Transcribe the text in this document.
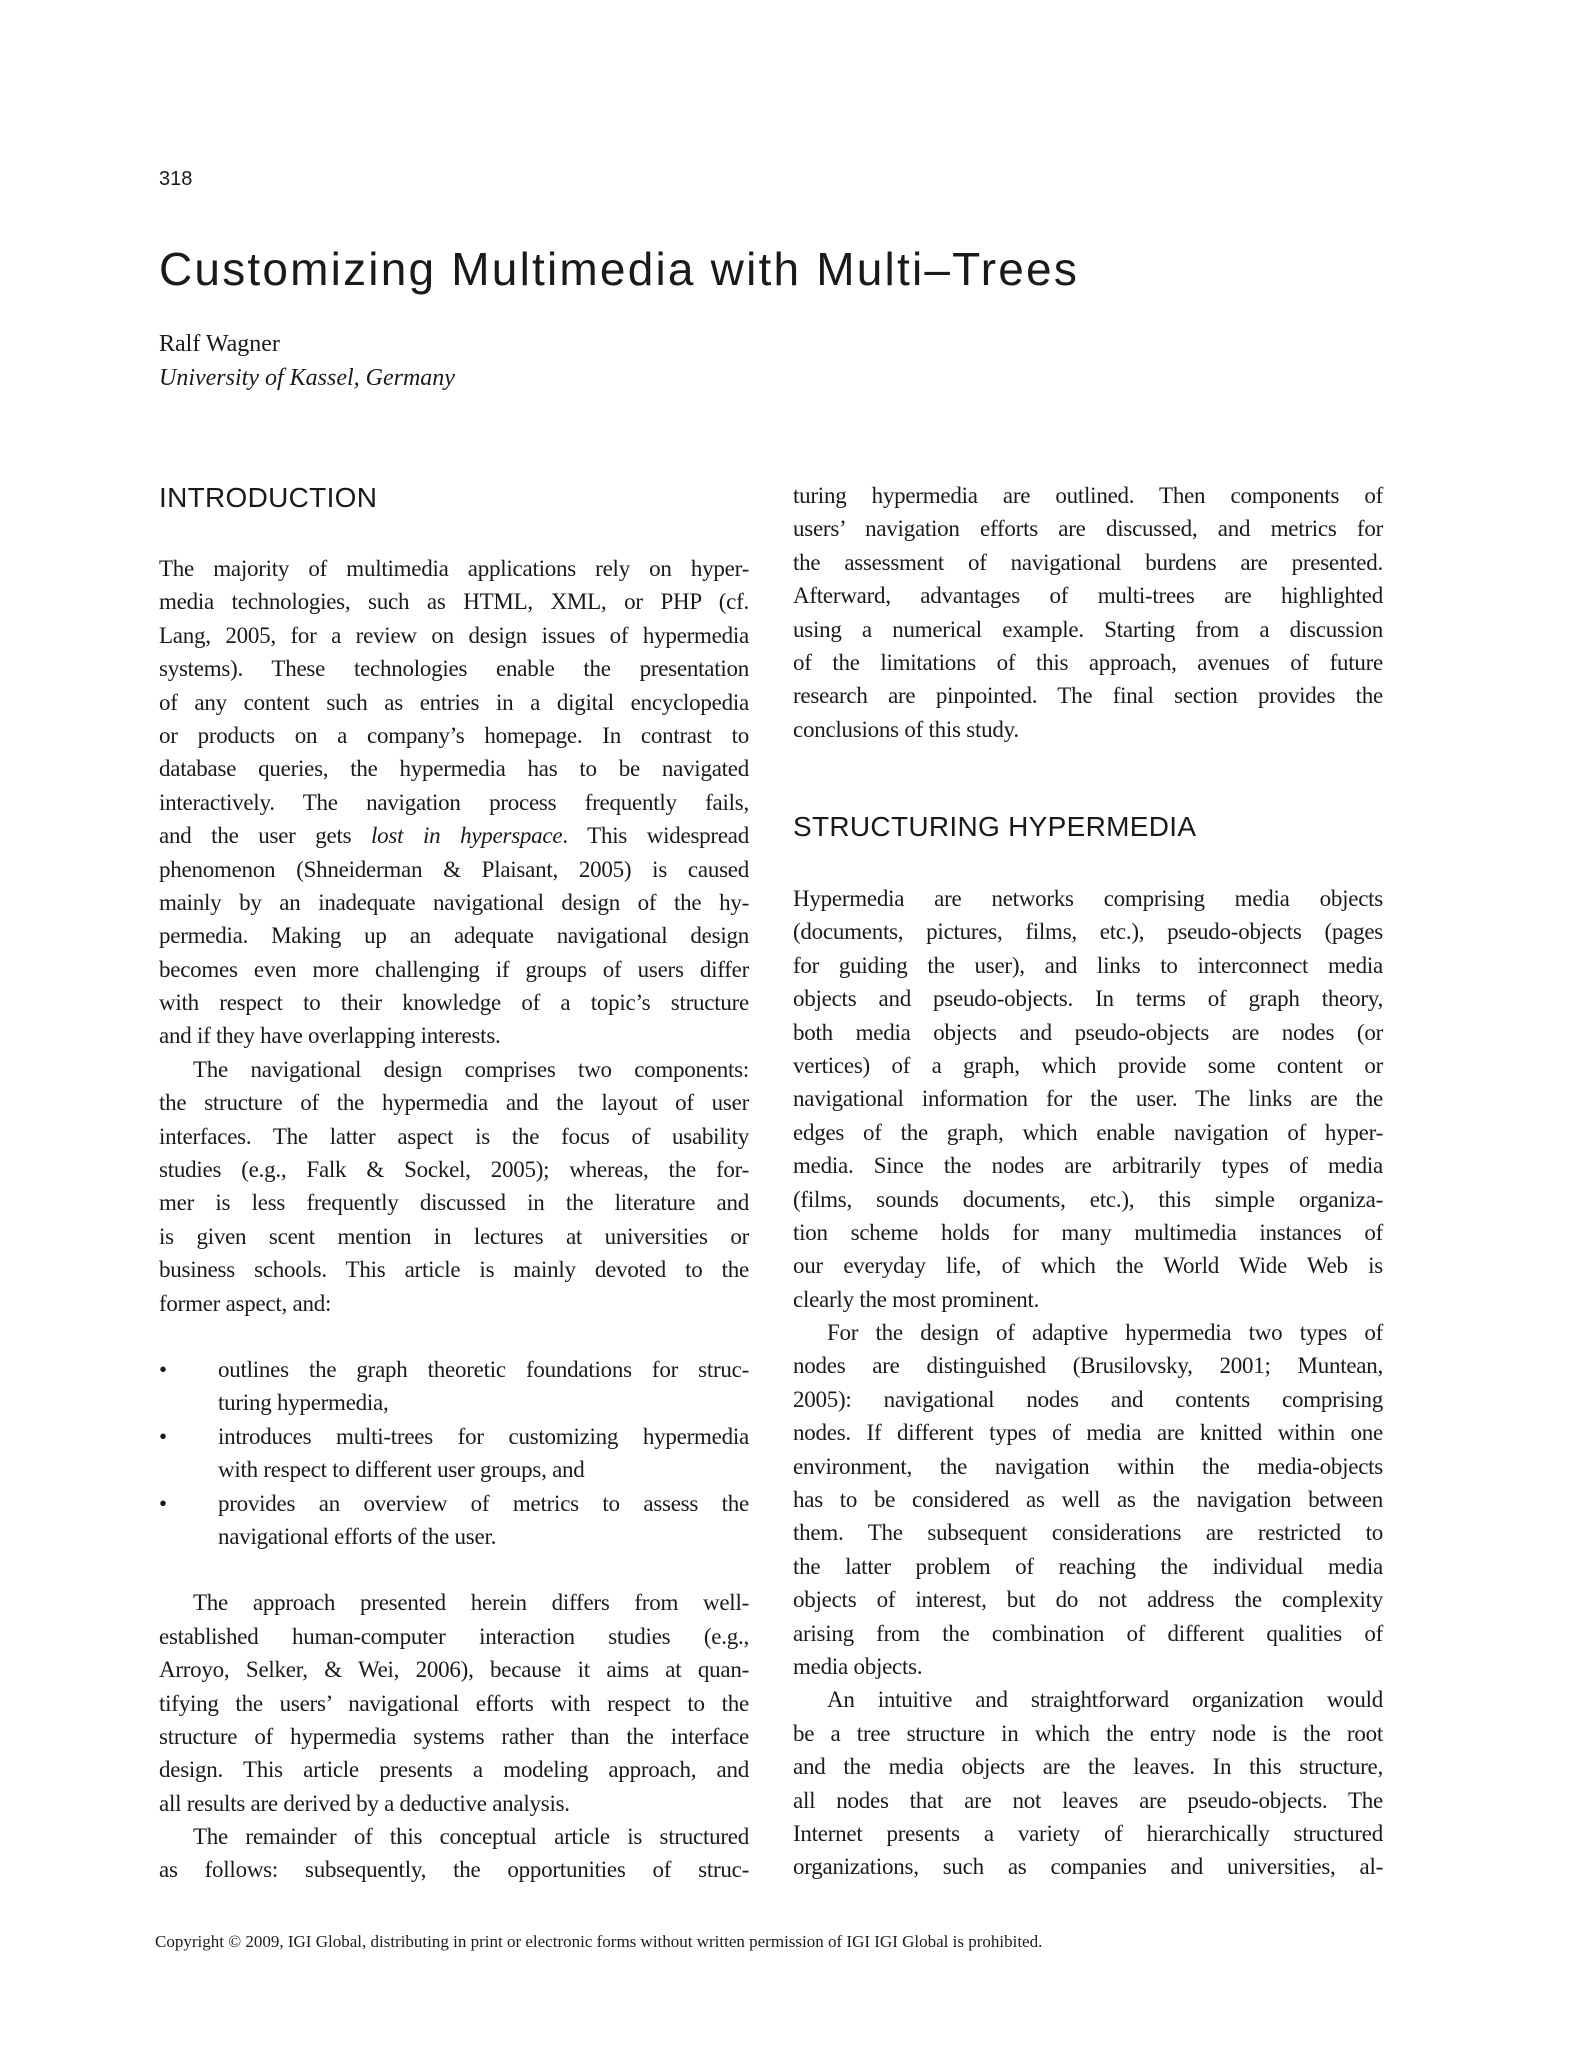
318
Customizing Multimedia with Multi–Trees
Ralf Wagner
University of Kassel, Germany
INTRODUCTION
The majority of multimedia applications rely on hyper-
media technologies, such as HTML, XML, or PHP (cf.
Lang, 2005, for a review on design issues of hypermedia
systems). These technologies enable the presentation
of any content such as entries in a digital encyclopedia
or products on a company’s homepage. In contrast to
database queries, the hypermedia has to be navigated
interactively. The navigation process frequently fails,
and the user gets lost in hyperspace. This widespread
phenomenon (Shneiderman & Plaisant, 2005) is caused
mainly by an inadequate navigational design of the hy-
permedia. Making up an adequate navigational design
becomes even more challenging if groups of users differ
with respect to their knowledge of a topic’s structure
and if they have overlapping interests.
The navigational design comprises two components:
the structure of the hypermedia and the layout of user
interfaces. The latter aspect is the focus of usability
studies (e.g., Falk & Sockel, 2005); whereas, the for-
mer is less frequently discussed in the literature and
is given scent mention in lectures at universities or
business schools. This article is mainly devoted to the
former aspect, and:
•	outlines the graph theoretic foundations for struc-
turing hypermedia,
•	introduces multi-trees for customizing hypermedia
with respect to different user groups, and
•	provides an overview of metrics to assess the
navigational efforts of the user.
The approach presented herein differs from well-
established human-computer interaction studies (e.g.,
Arroyo, Selker, & Wei, 2006), because it aims at quan-
tifying the users’ navigational efforts with respect to the
structure of hypermedia systems rather than the interface
design. This article presents a modeling approach, and
all results are derived by a deductive analysis.
The remainder of this conceptual article is structured
as follows: subsequently, the opportunities of struc-
turing hypermedia are outlined. Then components of
users’ navigation efforts are discussed, and metrics for
the assessment of navigational burdens are presented.
Afterward, advantages of multi-trees are highlighted
using a numerical example. Starting from a discussion
of the limitations of this approach, avenues of future
research are pinpointed. The final section provides the
conclusions of this study.
STRUCTURING HYPERMEDIA
Hypermedia are networks comprising media objects
(documents, pictures, films, etc.), pseudo-objects (pages
for guiding the user), and links to interconnect media
objects and pseudo-objects. In terms of graph theory,
both media objects and pseudo-objects are nodes (or
vertices) of a graph, which provide some content or
navigational information for the user. The links are the
edges of the graph, which enable navigation of hyper-
media. Since the nodes are arbitrarily types of media
(films, sounds documents, etc.), this simple organiza-
tion scheme holds for many multimedia instances of
our everyday life, of which the World Wide Web is
clearly the most prominent.
For the design of adaptive hypermedia two types of
nodes are distinguished (Brusilovsky, 2001; Muntean,
2005): navigational nodes and contents comprising
nodes. If different types of media are knitted within one
environment, the navigation within the media-objects
has to be considered as well as the navigation between
them. The subsequent considerations are restricted to
the latter problem of reaching the individual media
objects of interest, but do not address the complexity
arising from the combination of different qualities of
media objects.
An intuitive and straightforward organization would
be a tree structure in which the entry node is the root
and the media objects are the leaves. In this structure,
all nodes that are not leaves are pseudo-objects. The
Internet presents a variety of hierarchically structured
organizations, such as companies and universities, al-
Copyright © 2009, IGI Global, distributing in print or electronic forms without written permission of IGI IGI Global is prohibited.
